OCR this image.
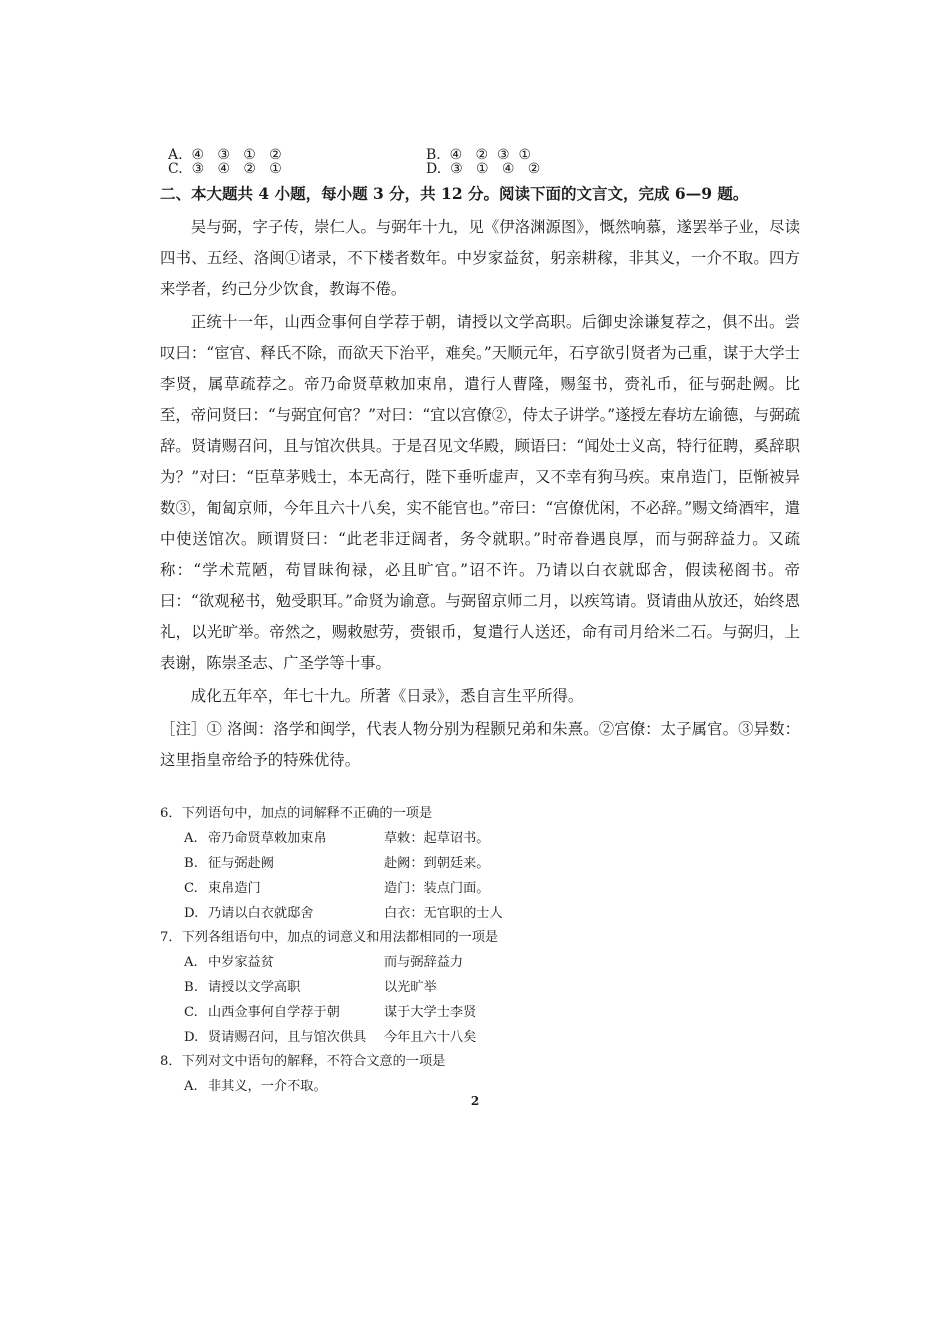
A.  ④   ③   ①   ②	B.  ④   ②  ③  ①
C.  ③   ④   ②   ①	D.  ③   ①   ④   ②
二、本大题共 4 小题，每小题 3 分，共 12 分。阅读下面的文言文，完成 6—9 题。

吴与弼，字子传，崇仁人。与弼年十九，见《伊洛渊源图》，慨然响慕，遂罢举子业，尽读四书、五经、洛闽①诸录，不下楼者数年。中岁家益贫，躬亲耕稼，非其义，一介不取。四方来学者，约己分少饮食，教诲不倦。

正统十一年，山西佥事何自学荐于朝，请授以文学高职。后御史涂谦复荐之，俱不出。尝叹曰：“宦官、释氏不除，而欲天下治平，难矣。”天顺元年，石亨欲引贤者为己重，谋于大学士李贤，属草疏荐之。帝乃命贤草敕加束帛，遣行人曹隆，赐玺书，赍礼币，征与弼赴阙。比至，帝问贤曰：“与弼宜何官？”对曰：“宜以宫僚②，侍太子讲学。”遂授左春坊左谕德，与弼疏辞。贤请赐召问，且与馆次供具。于是召见文华殿，顾语曰：“闻处士义高，特行征聘，奚辞职为？”对曰：“臣草茅贱士，本无高行，陛下垂听虚声，又不幸有狗马疾。束帛造门，臣惭被异数③，匍匐京师，今年且六十八矣，实不能官也。”帝曰：“宫僚优闲，不必辞。”赐文绮酒牢，遣中使送馆次。顾谓贤曰：“此老非迂阔者，务令就职。”时帝眷遇良厚，而与弼辞益力。又疏称：“学术荒陋，苟冒昧徇禄，必且旷官。”诏不许。乃请以白衣就邸舍，假读秘阁书。帝曰：“欲观秘书，勉受职耳。”命贤为谕意。与弼留京师二月，以疾笃请。贤请曲从放还，始终恩礼，以光旷举。帝然之，赐敕慰劳，赍银币，复遣行人送还，命有司月给米二石。与弼归，上表谢，陈崇圣志、广圣学等十事。

成化五年卒，年七十九。所著《日录》，悉自言生平所得。

［注］① 洛闽：洛学和闽学，代表人物分别为程颢兄弟和朱熹。②宫僚：太子属官。③异数：这里指皇帝给予的特殊优待。

6．下列语句中，加点的词解释不正确的一项是
A. 帝乃命贤草敕加束帛	草敕：起草诏书。
B. 征与弼赴阙	赴阙：到朝廷来。
C. 束帛造门	造门：装点门面。
D. 乃请以白衣就邸舍	白衣：无官职的士人
7．下列各组语句中，加点的词意义和用法都相同的一项是
A. 中岁家益贫	而与弼辞益力
B. 请授以文学高职	以光旷举
C. 山西佥事何自学荐于朝	谋于大学士李贤
D. 贤请赐召问，且与馆次供具	今年且六十八矣
8．下列对文中语句的解释，不符合文意的一项是
A. 非其义，一介不取。
2
